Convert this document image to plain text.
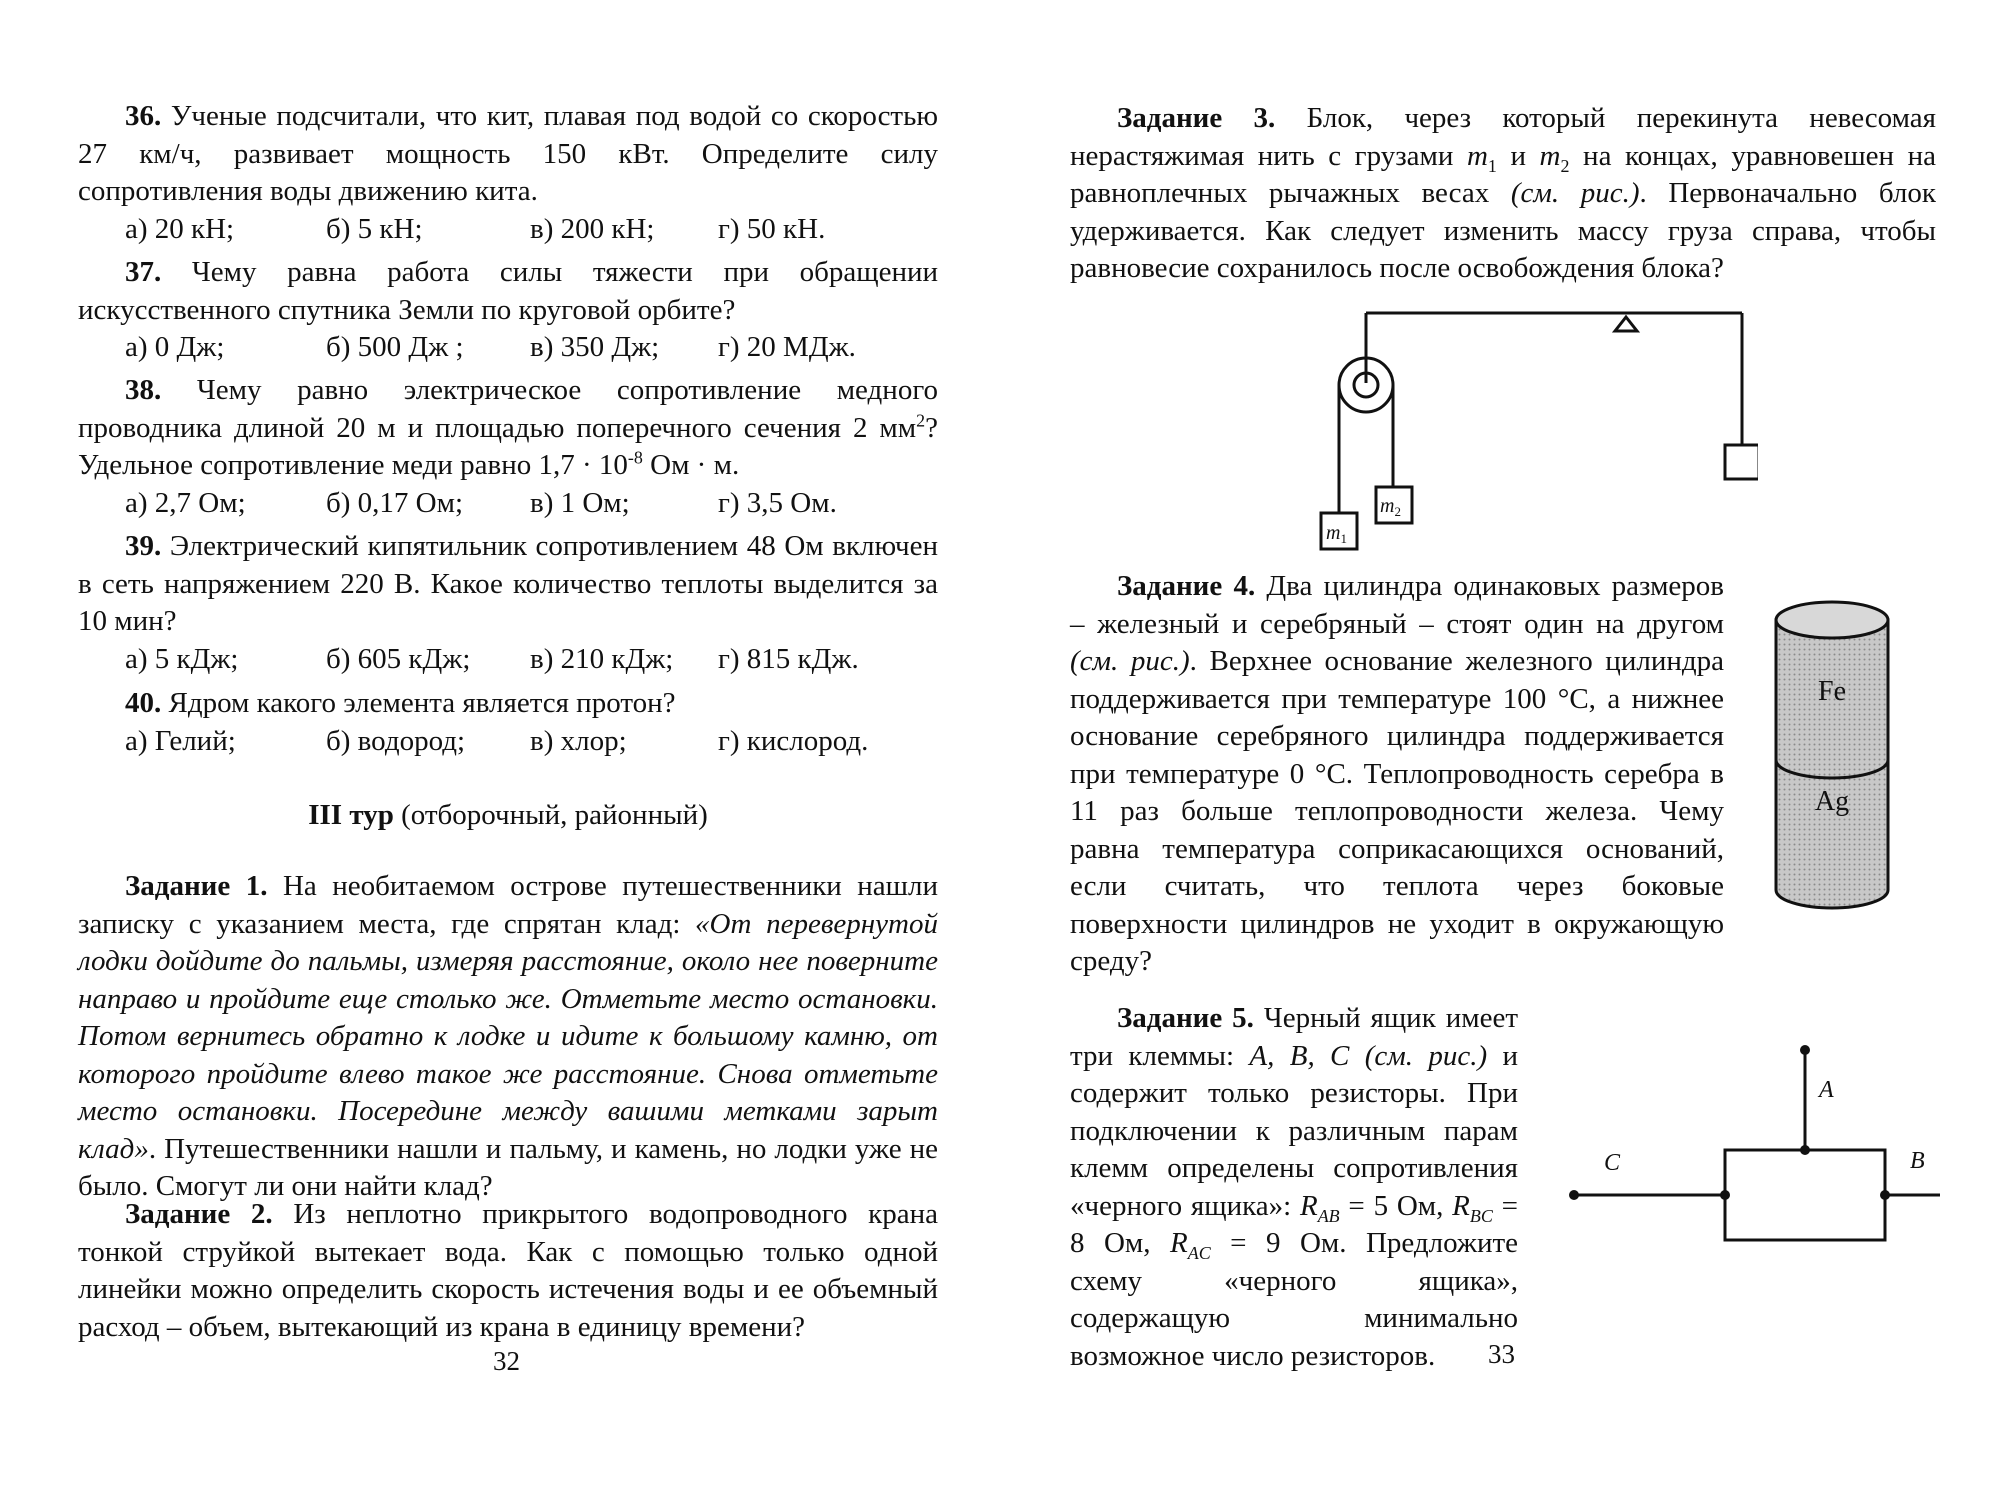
36. Ученые подсчитали, что кит, плавая под водой со скоростью 27 км/ч, развивает мощность 150 кВт. Определите силу сопротивления воды движению кита.

а) 20 кН;	б) 5 кН;	в) 200 кН; г) 50 кН.

37. Чему равна работа силы тяжести при обращении искусственного спутника Земли по круговой орбите?

а) 0 Дж;	б) 500 Дж ; в) 350 Дж; г) 20 МДж.

38. Чему равно электрическое сопротивление медного проводника длиной 20 м и площадью поперечного сечения 2 $мм^2$? Удельное сопротивление меди равно $1,7 \cdot 10^{-8}$ Ом · м.

а) 2,7 Ом;	б) 0,17 Ом; в) 1 Ом;	г) 3,5 Ом.

39. Электрический кипятильник сопротивлением 48 Ом включен в сеть напряжением 220 В. Какое количество теплоты выделится за 10 мин?

а) 5 кДж;	б) 605 кДж; в) 210 кДж; г) 815 кДж.

40. Ядром какого элемента является протон?

а) Гелий;	б) водород; в) хлор;	г) кислород.
III тур (отборочный, районный)

Задание 1. На необитаемом острове путешественники нашли записку с указанием места, где спрятан клад: «От перевернутой лодки дойдите до пальмы, измеряя расстояние, около нее поверните направо и пройдите еще столько же. Отметьте место остановки. Потом вернитесь обратно к лодке и идите к большому камню, от которого пройдите влево такое же расстояние. Снова отметьте место остановки. Посередине между вашими метками зарыт клад». Путешественники нашли и пальму, и камень, но лодки уже не было. Смогут ли они найти клад?

Задание 2. Из неплотно прикрытого водопроводного крана тонкой струйкой вытекает вода. Как с помощью только одной линейки можно определить скорость истечения воды и ее объемный расход – объем, вытекающий из крана в единицу времени?

32

Задание 3. Блок, через который перекинута невесомая нерастяжимая нить с грузами $m_1$ и $m_2$ на концах, уравновешен на равноплечных рычажных весах (см. рис.). Первоначально блок удерживается. Как следует изменить массу груза справа, чтобы равновесие сохранилось после освобождения блока?

$m_1$
$m_2$

Задание 4. Два цилиндра одинаковых размеров – железный и серебряный – стоят один на другом (см. рис.). Верхнее основание железного цилиндра поддерживается при температуре 100 °С, а нижнее основание серебряного цилиндра поддерживается при температуре 0 °С. Теплопроводность серебра в 11 раз больше теплопроводности железа. Чему равна температура соприкасающихся оснований, если считать, что теплота через боковые поверхности цилиндров не уходит в окружающую среду?

Fe
Ag

Задание 5. Черный ящик имеет три клеммы: A, B, C (см. рис.) и содержит только резисторы. При подключении к различным парам клемм определены сопротивления «черного ящика»: $R_{AB} = 5$ Ом, $R_{BC} = 8$ Ом, $R_{AC} = 9$ Ом. Предложите схему «черного ящика», содержащую минимально возможное число резисторов.

A
B
C
33
